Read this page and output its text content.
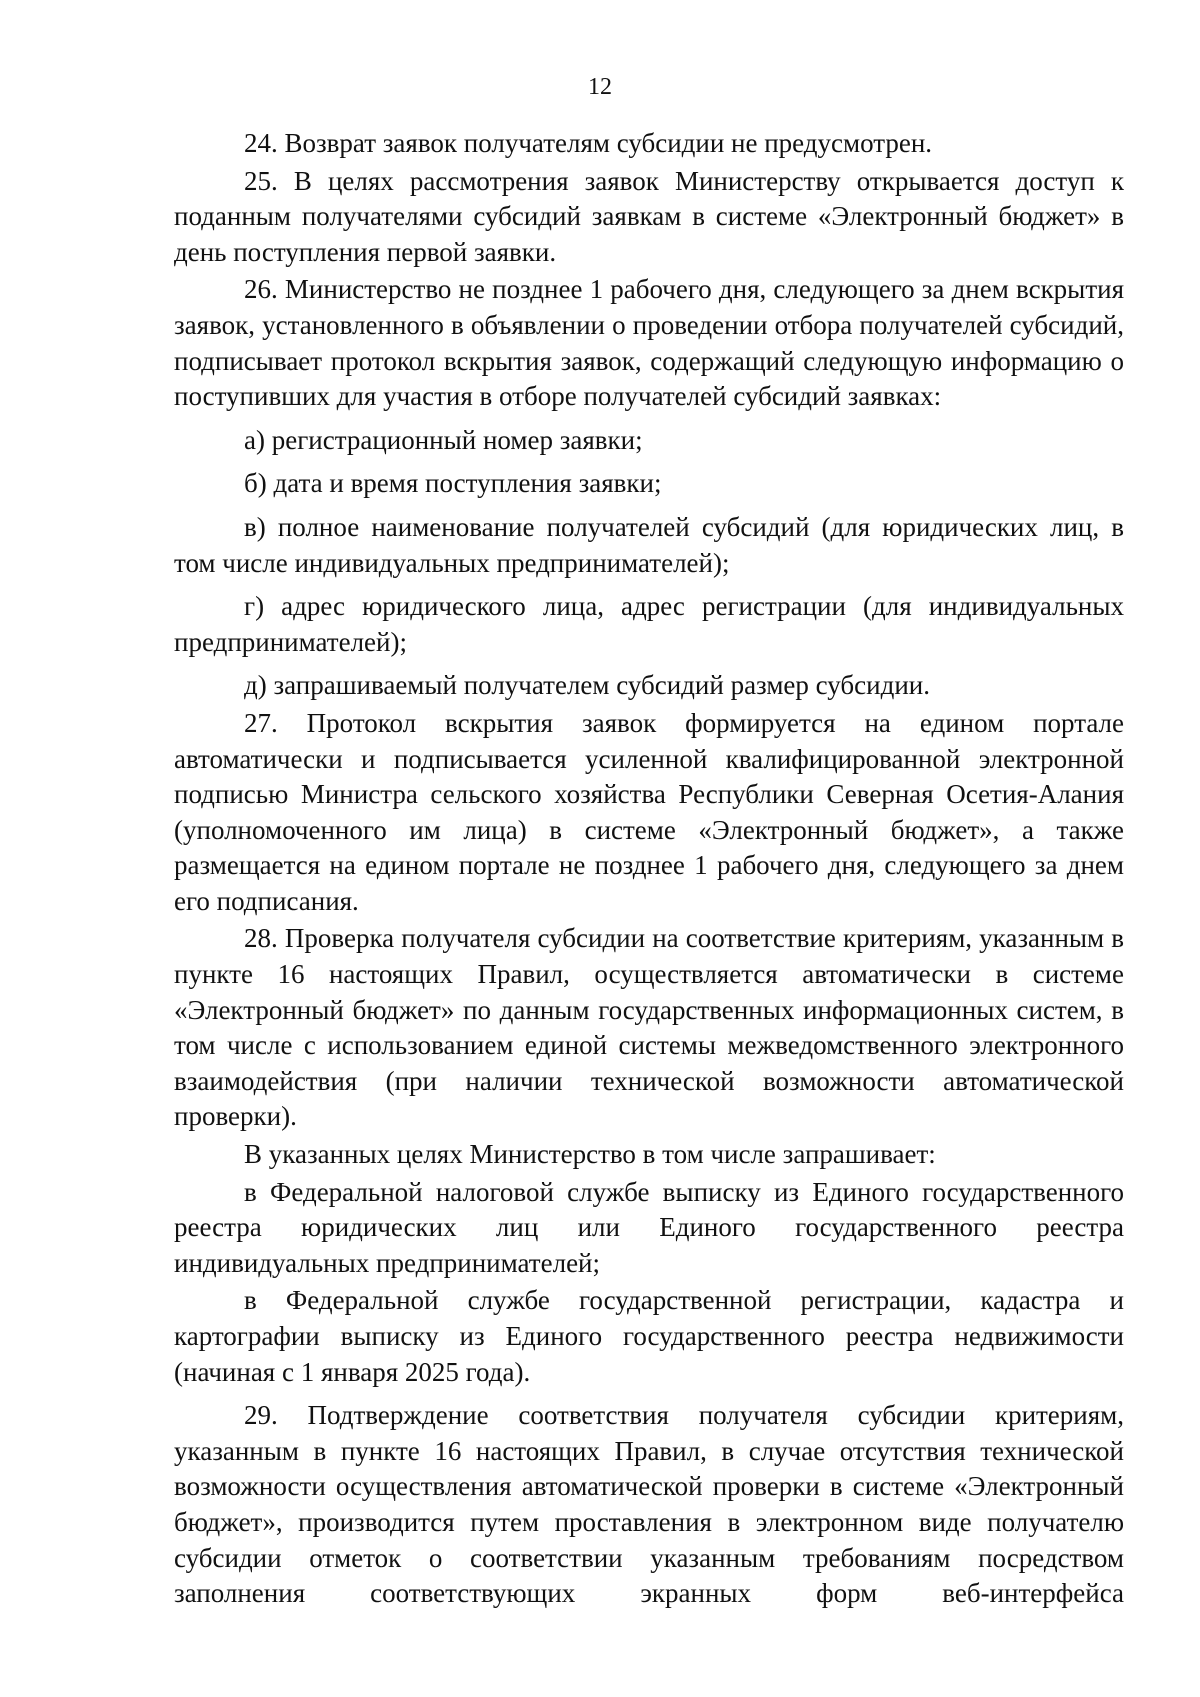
12

24. Возврат заявок получателям субсидии не предусмотрен.

25. В целях рассмотрения заявок Министерству открывается доступ к поданным получателями субсидий заявкам в системе «Электронный бюджет» в день поступления первой заявки.

26. Министерство не позднее 1 рабочего дня, следующего за днем вскрытия заявок, установленного в объявлении о проведении отбора получателей субсидий, подписывает протокол вскрытия заявок, содержащий следующую информацию о поступивших для участия в отборе получателей субсидий заявках:

а) регистрационный номер заявки;

б) дата и время поступления заявки;

в) полное наименование получателей субсидий (для юридических лиц, в том числе индивидуальных предпринимателей);

г) адрес юридического лица, адрес регистрации (для индивидуальных предпринимателей);

д) запрашиваемый получателем субсидий размер субсидии.

27. Протокол вскрытия заявок формируется на едином портале автоматически и подписывается усиленной квалифицированной электронной подписью Министра сельского хозяйства Республики Северная Осетия-Алания (уполномоченного им лица) в системе «Электронный бюджет», а также размещается на едином портале не позднее 1 рабочего дня, следующего за днем его подписания.

28. Проверка получателя субсидии на соответствие критериям, указанным в пункте 16 настоящих Правил, осуществляется автоматически в системе «Электронный бюджет» по данным государственных информационных систем, в том числе с использованием единой системы межведомственного электронного взаимодействия (при наличии технической возможности автоматической проверки).

В указанных целях Министерство в том числе запрашивает:

в Федеральной налоговой службе выписку из Единого государственного реестра юридических лиц или Единого государственного реестра индивидуальных предпринимателей;

в Федеральной службе государственной регистрации, кадастра и картографии выписку из Единого государственного реестра недвижимости (начиная с 1 января 2025 года).

29. Подтверждение соответствия получателя субсидии критериям, указанным в пункте 16 настоящих Правил, в случае отсутствия технической возможности осуществления автоматической проверки в системе «Электронный бюджет», производится путем проставления в электронном виде получателю субсидии отметок о соответствии указанным требованиям посредством заполнения соответствующих экранных форм веб-интерфейса
